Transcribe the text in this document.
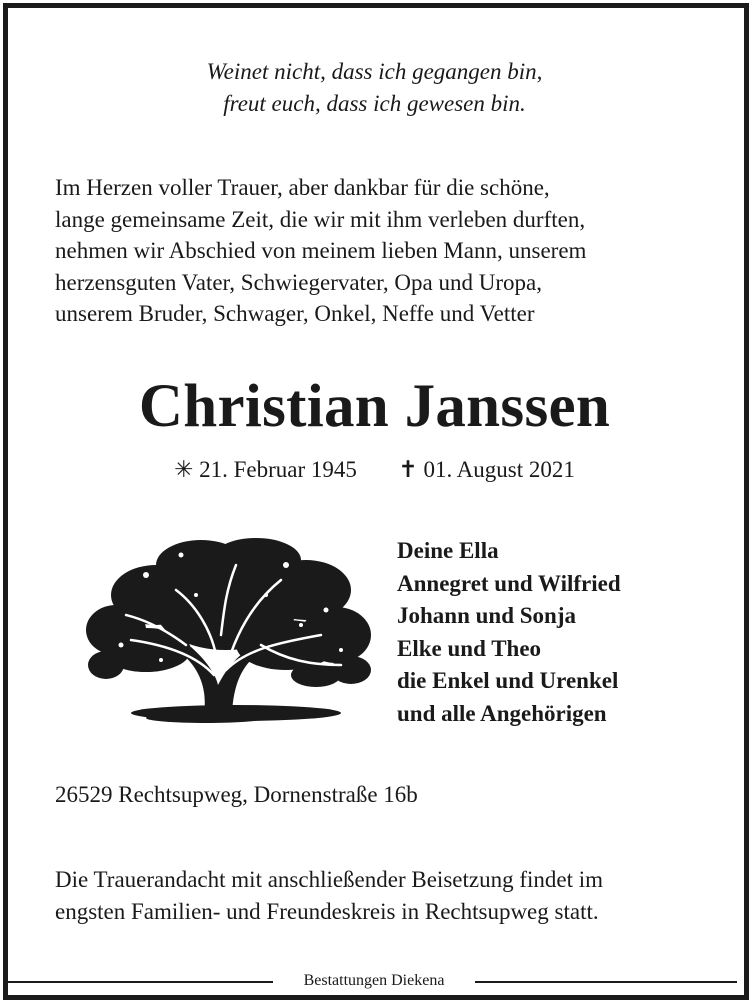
Weinet nicht, dass ich gegangen bin,
freut euch, dass ich gewesen bin.
Im Herzen voller Trauer, aber dankbar für die schöne,
lange gemeinsame Zeit, die wir mit ihm verleben durften,
nehmen wir Abschied von meinem lieben Mann, unserem
herzensguten Vater, Schwiegervater, Opa und Uropa,
unserem Bruder, Schwager, Onkel, Neffe und Vetter
Christian Janssen
✳ 21. Februar 1945 ✝ 01. August 2021
Deine Ella
Annegret und Wilfried
Johann und Sonja
Elke und Theo
die Enkel und Urenkel
und alle Angehörigen
26529 Rechtsupweg, Dornenstraße 16b
Die Trauerandacht mit anschließender Beisetzung findet im
engsten Familien- und Freundeskreis in Rechtsupweg statt.
Bestattungen Diekena
